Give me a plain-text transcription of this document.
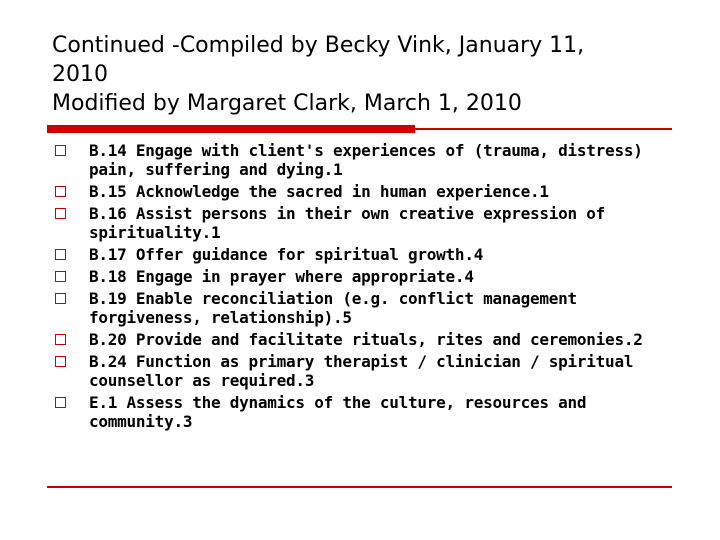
Continued -Compiled by Becky Vink, January 11,
2010
Modified by Margaret Clark, March 1, 2010
B.14 Engage with client's experiences of (trauma, distress) pain, suffering and dying.1
B.15 Acknowledge the sacred in human experience.1
B.16 Assist persons in their own creative expression of spirituality.1
B.17 Offer guidance for spiritual growth.4
B.18 Engage in prayer where appropriate.4
B.19 Enable reconciliation (e.g. conflict management forgiveness, relationship).5
B.20 Provide and facilitate rituals, rites and ceremonies.2
B.24 Function as primary therapist / clinician / spiritual counsellor as required.3
E.1 Assess the dynamics of the culture, resources and community.3
